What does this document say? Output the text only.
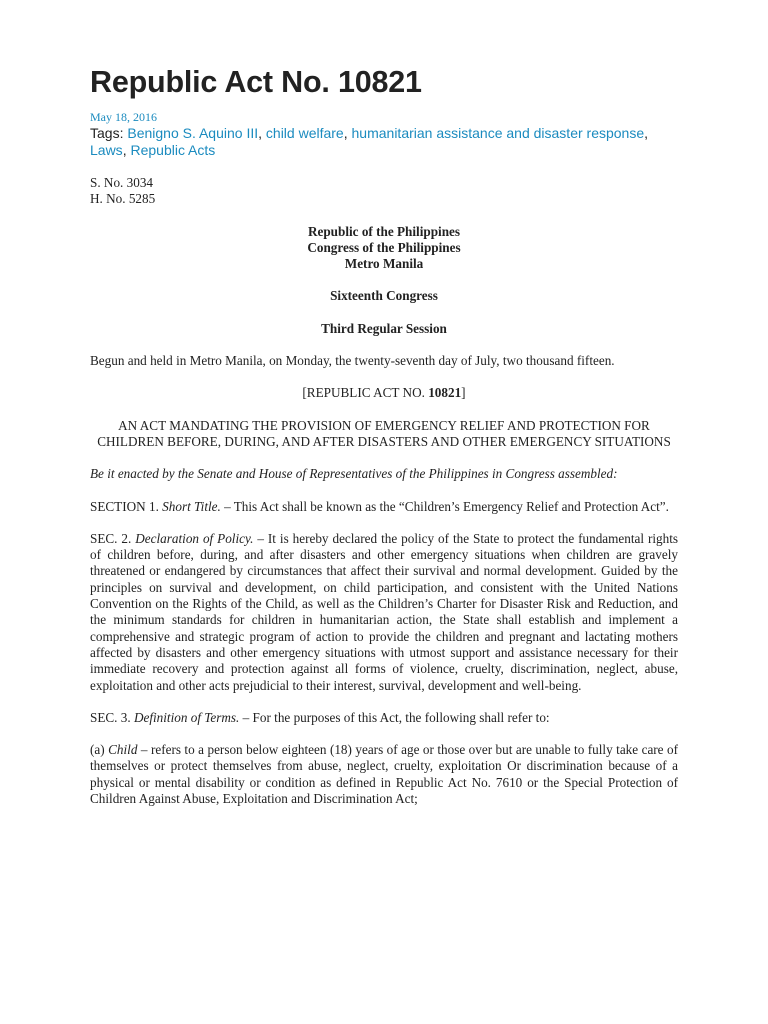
Republic Act No. 10821
May 18, 2016
Tags: Benigno S. Aquino III, child welfare, humanitarian assistance and disaster response, Laws, Republic Acts
S. No. 3034
H. No. 5285
Republic of the Philippines
Congress of the Philippines
Metro Manila
Sixteenth Congress
Third Regular Session

Begun and held in Metro Manila, on Monday, the twenty-seventh day of July, two thousand fifteen.

[REPUBLIC ACT NO. 10821]

AN ACT MANDATING THE PROVISION OF EMERGENCY RELIEF AND PROTECTION FOR CHILDREN BEFORE, DURING, AND AFTER DISASTERS AND OTHER EMERGENCY SITUATIONS

Be it enacted by the Senate and House of Representatives of the Philippines in Congress assembled:

SECTION 1. Short Title. – This Act shall be known as the “Children’s Emergency Relief and Protection Act”.

SEC. 2. Declaration of Policy. – It is hereby declared the policy of the State to protect the fundamental rights of children before, during, and after disasters and other emergency situations when children are gravely threatened or endangered by circumstances that affect their survival and normal development. Guided by the principles on survival and development, on child participation, and consistent with the United Nations Convention on the Rights of the Child, as well as the Children’s Charter for Disaster Risk and Reduction, and the minimum standards for children in humanitarian action, the State shall establish and implement a comprehensive and strategic program of action to provide the children and pregnant and lactating mothers affected by disasters and other emergency situations with utmost support and assistance necessary for their immediate recovery and protection against all forms of violence, cruelty, discrimination, neglect, abuse, exploitation and other acts prejudicial to their interest, survival, development and well-being.

SEC. 3. Definition of Terms. – For the purposes of this Act, the following shall refer to:

(a) Child – refers to a person below eighteen (18) years of age or those over but are unable to fully take care of themselves or protect themselves from abuse, neglect, cruelty, exploitation Or discrimination because of a physical or mental disability or condition as defined in Republic Act No. 7610 or the Special Protection of Children Against Abuse, Exploitation and Discrimination Act;
